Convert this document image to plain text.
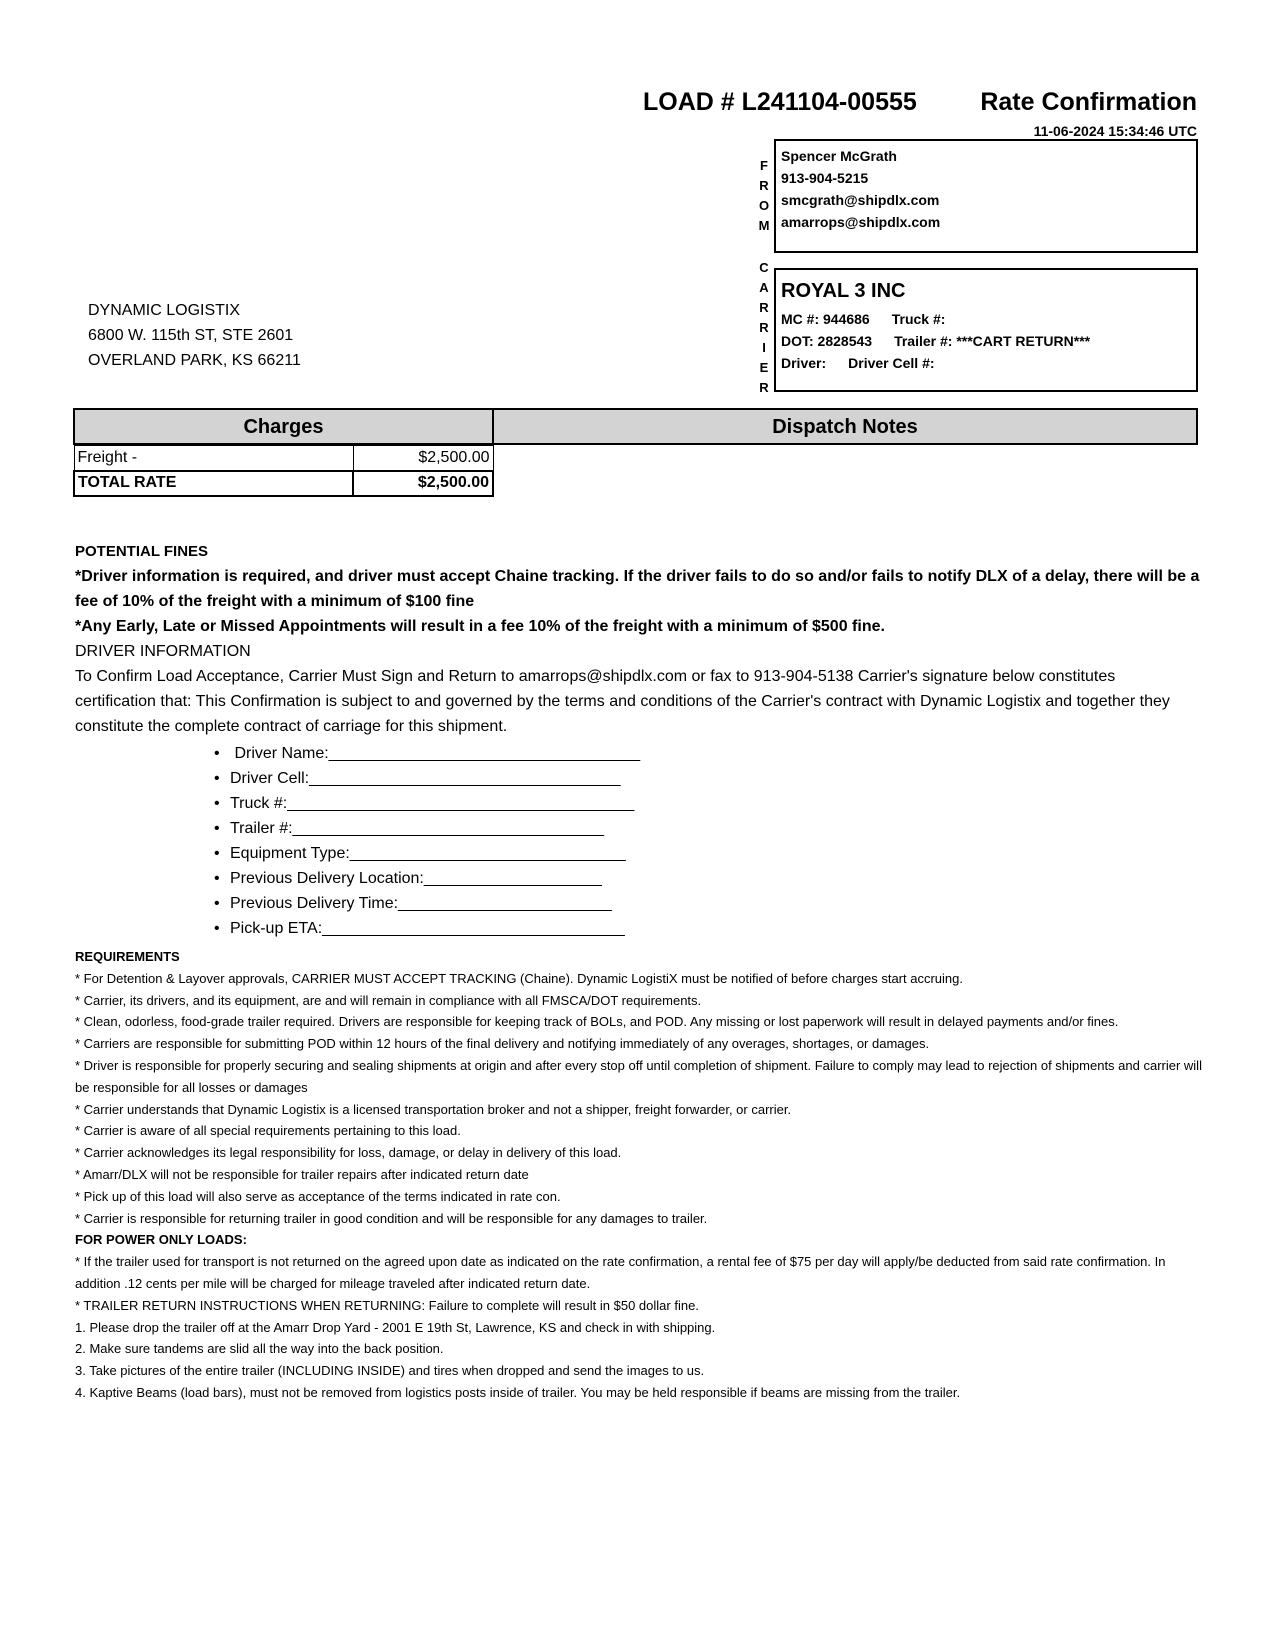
LOAD # L241104-00555	Rate Confirmation
11-06-2024 15:34:46 UTC
F
R
O
M
Spencer McGrath
913-904-5215
smcgrath@shipdlx.com
amarrops@shipdlx.com
C
A
R
R
I
E
R
ROYAL 3 INC
MC #: 944686 Truck #:
DOT: 2828543 Trailer #: ***CART RETURN***
Driver: Driver Cell #:
DYNAMIC LOGISTIX
6800 W. 115th ST, STE 2601
OVERLAND PARK, KS 66211
Charges	Dispatch Notes
Freight -	$2,500.00
TOTAL RATE	$2,500.00

POTENTIAL FINES

*Driver information is required, and driver must accept Chaine tracking. If the driver fails to do so and/or fails to notify DLX of a delay, there will be a fee of 10% of the freight with a minimum of $100 fine

*Any Early, Late or Missed Appointments will result in a fee 10% of the freight with a minimum of $500 fine.

DRIVER INFORMATION

To Confirm Load Acceptance, Carrier Must Sign and Return to amarrops@shipdlx.com or fax to 913-904-5138 Carrier's signature below constitutes certification that: This Confirmation is subject to and governed by the terms and conditions of the Carrier's contract with Dynamic Logistix and together they constitute the complete contract of carriage for this shipment.

• Driver Name:___________________________________
• Driver Cell:___________________________________
• Truck #:_______________________________________
• Trailer #:___________________________________
• Equipment Type:_______________________________
• Previous Delivery Location:____________________
• Previous Delivery Time:________________________
• Pick-up ETA:__________________________________
REQUIREMENTS
* For Detention & Layover approvals, CARRIER MUST ACCEPT TRACKING (Chaine). Dynamic LogistiX must be notified of before charges start accruing.
* Carrier, its drivers, and its equipment, are and will remain in compliance with all FMSCA/DOT requirements.
* Clean, odorless, food-grade trailer required. Drivers are responsible for keeping track of BOLs, and POD. Any missing or lost paperwork will result in delayed payments and/or fines.
* Carriers are responsible for submitting POD within 12 hours of the final delivery and notifying immediately of any overages, shortages, or damages.
* Driver is responsible for properly securing and sealing shipments at origin and after every stop off until completion of shipment. Failure to comply may lead to rejection of shipments and carrier will be responsible for all losses or damages
* Carrier understands that Dynamic Logistix is a licensed transportation broker and not a shipper, freight forwarder, or carrier.
* Carrier is aware of all special requirements pertaining to this load.
* Carrier acknowledges its legal responsibility for loss, damage, or delay in delivery of this load.
* Amarr/DLX will not be responsible for trailer repairs after indicated return date
* Pick up of this load will also serve as acceptance of the terms indicated in rate con.
* Carrier is responsible for returning trailer in good condition and will be responsible for any damages to trailer.
FOR POWER ONLY LOADS:
* If the trailer used for transport is not returned on the agreed upon date as indicated on the rate confirmation, a rental fee of $75 per day will apply/be deducted from said rate confirmation. In addition .12 cents per mile will be charged for mileage traveled after indicated return date.
* TRAILER RETURN INSTRUCTIONS WHEN RETURNING: Failure to complete will result in $50 dollar fine.
1. Please drop the trailer off at the Amarr Drop Yard - 2001 E 19th St, Lawrence, KS and check in with shipping.
2. Make sure tandems are slid all the way into the back position.
3. Take pictures of the entire trailer (INCLUDING INSIDE) and tires when dropped and send the images to us.
4. Kaptive Beams (load bars), must not be removed from logistics posts inside of trailer. You may be held responsible if beams are missing from the trailer.
